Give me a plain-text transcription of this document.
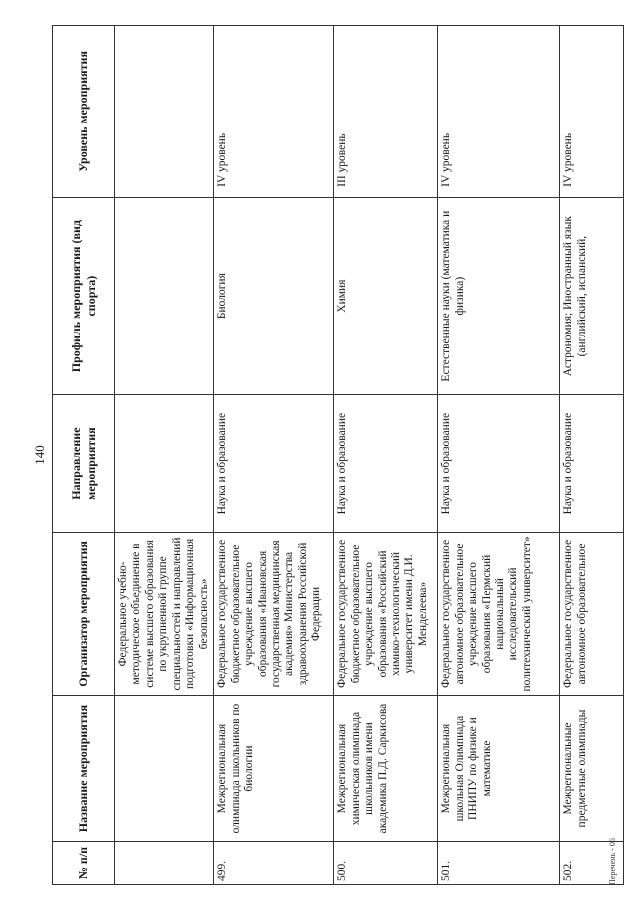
140
№ п/п	Название мероприятия	Организатор мероприятия	Направление мероприятия	Профиль мероприятия (вид спорта)	Уровень мероприятия
		Федеральное учебно-методическое объединение в системе высшего образования по укрупненной группе специальностей и направлений подготовки «Информационная безопасность»			
499.	Межрегиональная олимпиада школьников по биологии	Федеральное государственное бюджетное образовательное учреждение высшего образования «Ивановская государственная медицинская академия» Министерства здравоохранения Российской Федерации	Наука и образование	Биология	IV уровень
500.	Межрегиональная химическая олимпиада школьников имени академика П.Д. Саркисова	Федеральное государственное бюджетное образовательное учреждение высшего образования «Российский химико-технологический университет имени Д.И. Менделеева»	Наука и образование	Химия	III уровень
501.	Межрегиональная школьная Олимпиада ПНИПУ по физике и математике	Федеральное государственное автономное образовательное учреждение высшего образования «Пермский национальный исследовательский политехнический университет»	Наука и образование	Естественные науки (математика и физика)	IV уровень
502.	Межрегиональные предметные олимпиады	Федеральное государственное автономное образовательное	Наука и образование	Астрономия; Иностранный язык (английский, испанский,	IV уровень
Перечень - 06
